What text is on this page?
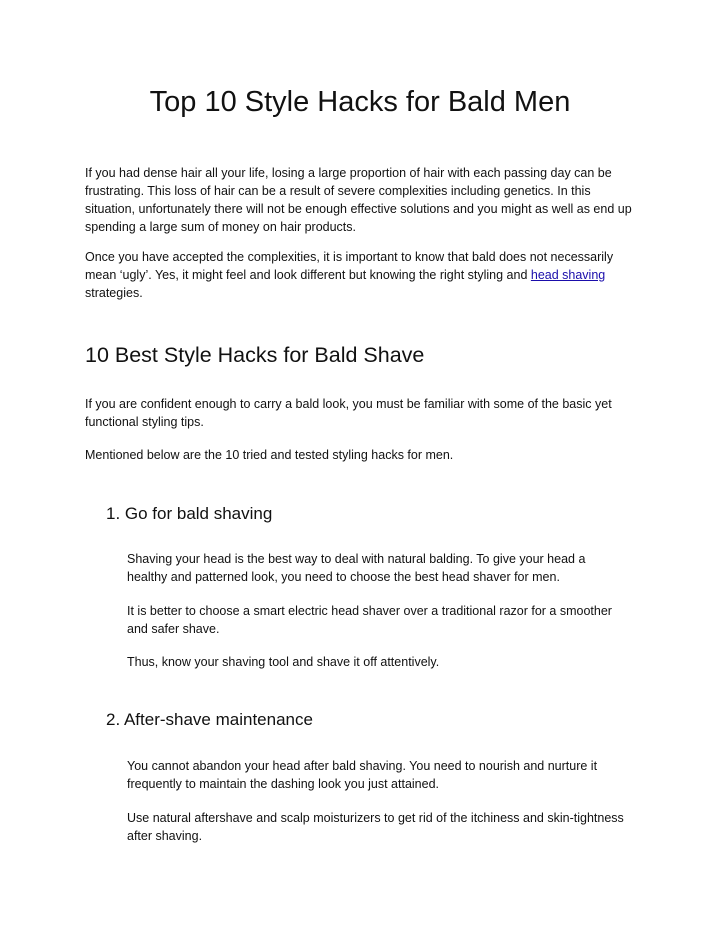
Top 10 Style Hacks for Bald Men

If you had dense hair all your life, losing a large proportion of hair with each passing day can be frustrating. This loss of hair can be a result of severe complexities including genetics. In this situation, unfortunately there will not be enough effective solutions and you might as well as end up spending a large sum of money on hair products.

Once you have accepted the complexities, it is important to know that bald does not necessarily mean ‘ugly’. Yes, it might feel and look different but knowing the right styling and head shaving strategies.

10 Best Style Hacks for Bald Shave

If you are confident enough to carry a bald look, you must be familiar with some of the basic yet functional styling tips.

Mentioned below are the 10 tried and tested styling hacks for men.

1. Go for bald shaving

Shaving your head is the best way to deal with natural balding. To give your head a healthy and patterned look, you need to choose the best head shaver for men.

It is better to choose a smart electric head shaver over a traditional razor for a smoother and safer shave.

Thus, know your shaving tool and shave it off attentively.

2. After-shave maintenance

You cannot abandon your head after bald shaving. You need to nourish and nurture it frequently to maintain the dashing look you just attained.

Use natural aftershave and scalp moisturizers to get rid of the itchiness and skin-tightness after shaving.
